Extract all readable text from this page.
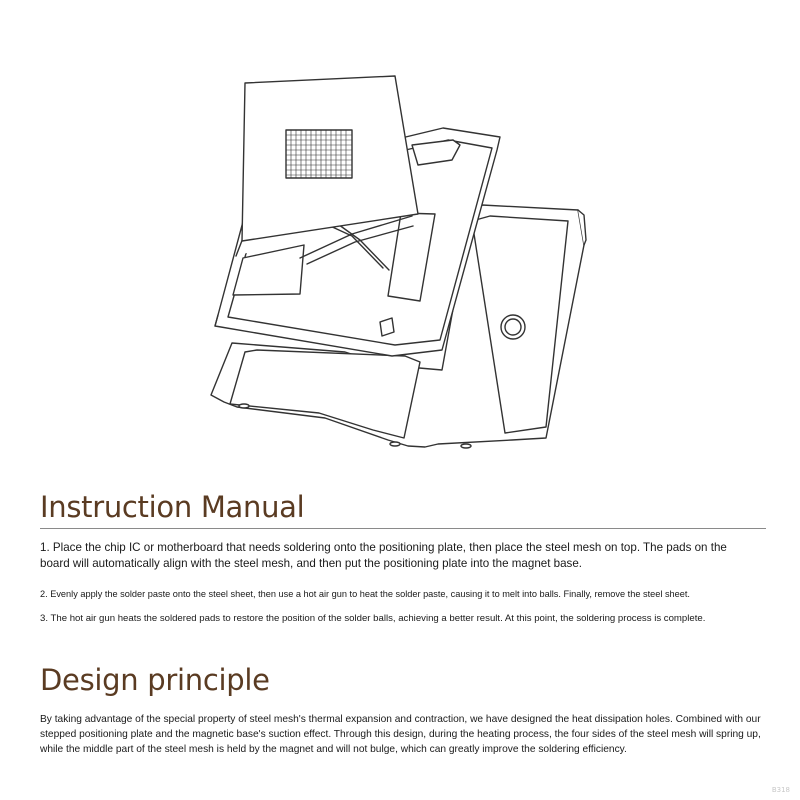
Instruction Manual

1. Place the chip IC or motherboard that needs soldering onto the positioning plate, then place the steel mesh on top. The pads on the board will automatically align with the steel mesh, and then put the positioning plate into the magnet base.

2. Evenly apply the solder paste onto the steel sheet, then use a hot air gun to heat the solder paste, causing it to melt into balls. Finally, remove the steel sheet.

3. The hot air gun heats the soldered pads to restore the position of the solder balls, achieving a better result. At this point, the soldering process is complete.

Design principle

By taking advantage of the special property of steel mesh's thermal expansion and contraction, we have designed the heat dissipation holes. Combined with our stepped positioning plate and the magnetic base's suction effect. Through this design, during the heating process, the four sides of the steel mesh will spring up, while the middle part of the steel mesh is held by the magnet and will not bulge, which can greatly improve the soldering efficiency.

B318
